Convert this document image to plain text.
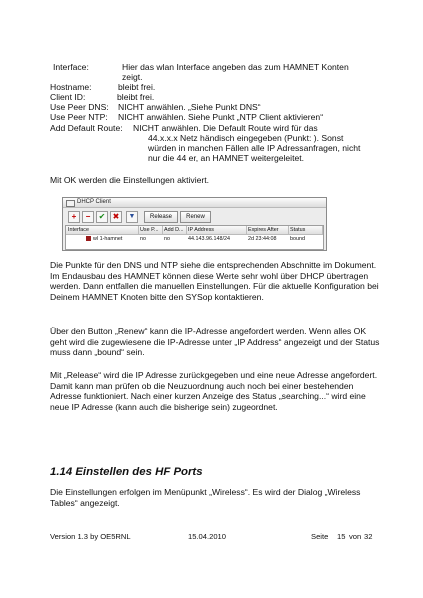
Interface:	Hier das wlan Interface angeben das zum HAMNET Konten
zeigt.
Hostname:	bleibt frei.
Client ID:	bleibt frei.
Use Peer DNS: NICHT anwählen. „Siehe Punkt DNS“
Use Peer NTP: NICHT anwählen. Siehe Punkt „NTP Client aktivieren“
Add Default Route: NICHT anwählen. Die Default Route wird für das
44.x.x.x Netz händisch eingegeben (Punkt: ). Sonst
würden in manchen Fällen alle IP Adressanfragen, nicht
nur die 44 er, an HAMNET weitergeleitet.
Mit OK werden die Einstellungen aktiviert.
DHCP Client
+	−	✔ ✖	▼	Release	Renew
Interface	Use P...	Add D... IP Address	Expires After	Status
wl 1-hamnet	no	no	44.143.96.148/24	2d 23:44:08	bound
Die Punkte für den DNS und NTP siehe die entsprechenden Abschnitte im Dokument. Im Endausbau des HAMNET können diese Werte sehr wohl über DHCP übertragen werden. Dann entfallen die manuellen Einstellungen. Für die aktuelle Konfiguration bei Deinem HAMNET Knoten bitte den SYSop kontaktieren.
Über den Button „Renew“ kann die IP-Adresse angefordert werden. Wenn alles OK geht wird die zugewiesene die IP-Adresse unter „IP Address“ angezeigt und der Status muss dann „bound“ sein.
Mit „Release“ wird die IP Adresse zurückgegeben und eine neue Adresse angefordert. Damit kann man prüfen ob die Neuzuordnung auch noch bei einer bestehenden Adresse funktioniert. Nach einer kurzen Anzeige des Status „searching...“ wird eine neue IP Adresse (kann auch die bisherige sein) zugeordnet.
1.14 Einstellen des HF Ports
Die Einstellungen erfolgen im Menüpunkt „Wireless“. Es wird der Dialog „Wireless Tables“ angezeigt.
Version 1.3 by OE5RNL	15.04.2010	Seite 15 von 32
